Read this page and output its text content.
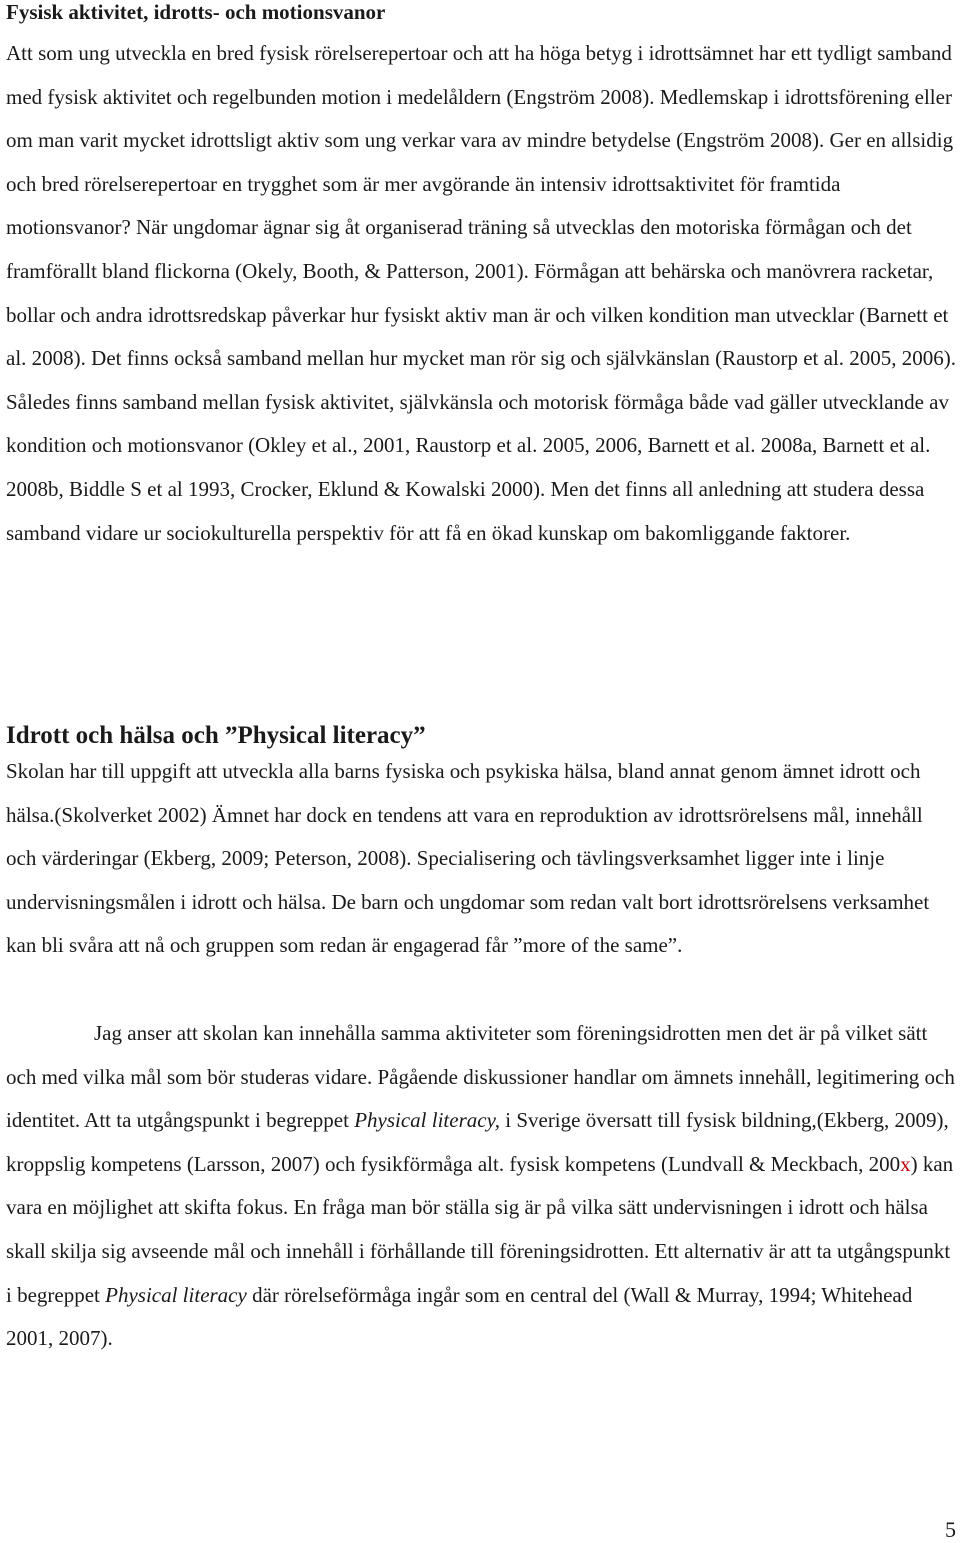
Fysisk aktivitet, idrotts- och motionsvanor
Att som ung utveckla en bred fysisk rörelserepertoar och att ha höga betyg i idrottsämnet har ett tydligt samband med fysisk aktivitet och regelbunden motion i medelåldern (Engström 2008). Medlemskap i idrottsförening eller om man varit mycket idrottsligt aktiv som ung verkar vara av mindre betydelse (Engström 2008). Ger en allsidig och bred rörelserepertoar en trygghet som är mer avgörande än intensiv idrottsaktivitet för framtida motionsvanor? När ungdomar ägnar sig åt organiserad träning så utvecklas den motoriska förmågan och det framförallt bland flickorna (Okely, Booth, & Patterson, 2001). Förmågan att behärska och manövrera racketar, bollar och andra idrottsredskap påverkar hur fysiskt aktiv man är och vilken kondition man utvecklar (Barnett et al. 2008). Det finns också samband mellan hur mycket man rör sig och självkänslan (Raustorp et al. 2005, 2006). Således finns samband mellan fysisk aktivitet, självkänsla och motorisk förmåga både vad gäller utvecklande av kondition och motionsvanor (Okley et al., 2001, Raustorp et al. 2005, 2006, Barnett et al. 2008a, Barnett et al. 2008b, Biddle S et al 1993, Crocker, Eklund & Kowalski 2000). Men det finns all anledning att studera dessa samband vidare ur sociokulturella perspektiv för att få en ökad kunskap om bakomliggande faktorer.
Idrott och hälsa och ”Physical literacy”
Skolan har till uppgift att utveckla alla barns fysiska och psykiska hälsa, bland annat genom ämnet idrott och hälsa.(Skolverket 2002) Ämnet har dock en tendens att vara en reproduktion av idrottsrörelsens mål, innehåll och värderingar (Ekberg, 2009; Peterson, 2008). Specialisering och tävlingsverksamhet ligger inte i linje undervisningsmålen i idrott och hälsa. De barn och ungdomar som redan valt bort idrottsrörelsens verksamhet kan bli svåra att nå och gruppen som redan är engagerad får ”more of the same”.
Jag anser att skolan kan innehålla samma aktiviteter som föreningsidrotten men det är på vilket sätt och med vilka mål som bör studeras vidare. Pågående diskussioner handlar om ämnets innehåll, legitimering och identitet. Att ta utgångspunkt i begreppet Physical literacy, i Sverige översatt till fysisk bildning,(Ekberg, 2009), kroppslig kompetens (Larsson, 2007) och fysikförmåga alt. fysisk kompetens (Lundvall & Meckbach, 200x) kan vara en möjlighet att skifta fokus. En fråga man bör ställa sig är på vilka sätt undervisningen i idrott och hälsa skall skilja sig avseende mål och innehåll i förhållande till föreningsidrotten. Ett alternativ är att ta utgångspunkt i begreppet Physical literacy där rörelseförmåga ingår som en central del (Wall & Murray, 1994; Whitehead 2001, 2007).
5
